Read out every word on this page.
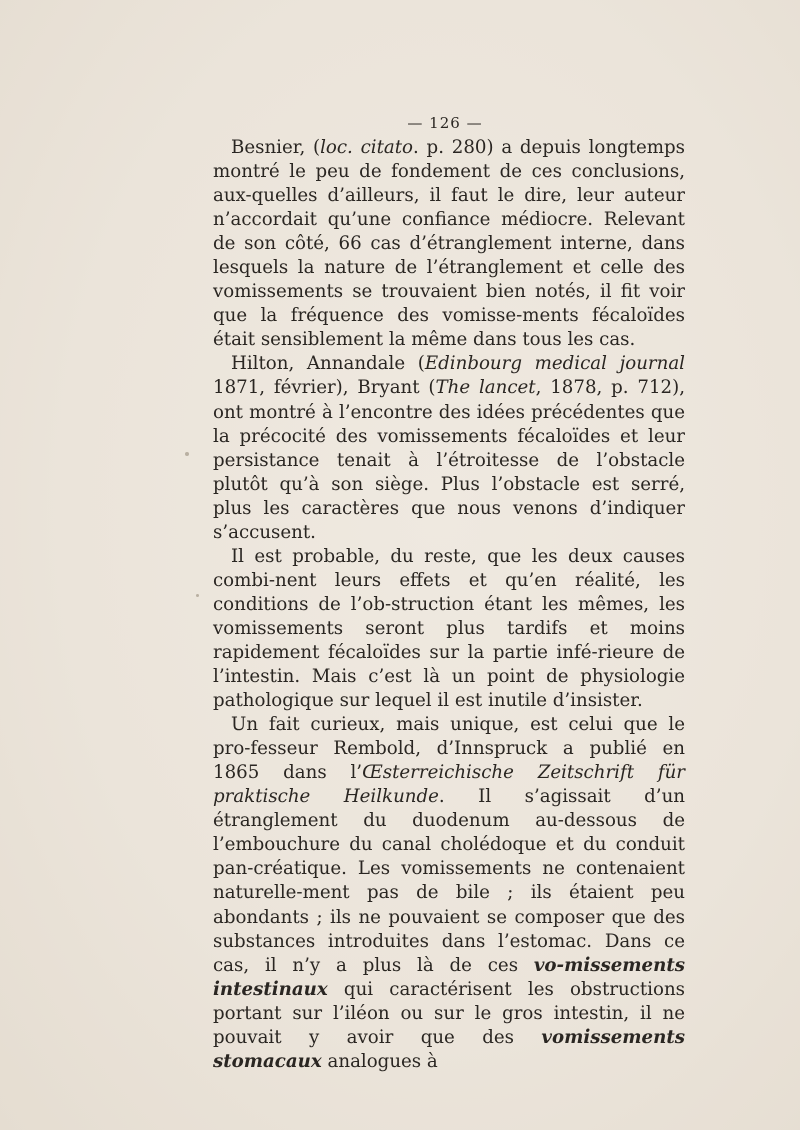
— 126 —

Besnier, (loc. citato. p. 280) a depuis longtemps montré le peu de fondement de ces conclusions, aux-quelles d’ailleurs, il faut le dire, leur auteur n’accordait qu’une confiance médiocre. Relevant de son côté, 66 cas d’étranglement interne, dans lesquels la nature de l’étranglement et celle des vomissements se trouvaient bien notés, il fit voir que la fréquence des vomisse-ments fécaloïdes était sensiblement la même dans tous les cas.

Hilton, Annandale (Edinbourg medical journal 1871, février), Bryant (The lancet, 1878, p. 712), ont montré à l’encontre des idées précédentes que la précocité des vomissements fécaloïdes et leur persistance tenait à l’étroitesse de l’obstacle plutôt qu’à son siège. Plus l’obstacle est serré, plus les caractères que nous venons d’indiquer s’accusent.

Il est probable, du reste, que les deux causes combi-nent leurs effets et qu’en réalité, les conditions de l’ob-struction étant les mêmes, les vomissements seront plus tardifs et moins rapidement fécaloïdes sur la partie infé-rieure de l’intestin. Mais c’est là un point de physiologie pathologique sur lequel il est inutile d’insister.

Un fait curieux, mais unique, est celui que le pro-fesseur Rembold, d’Innspruck a publié en 1865 dans l’Œsterreichische Zeitschrift für praktische Heilkunde. Il s’agissait d’un étranglement du duodenum au-dessous de l’embouchure du canal cholédoque et du conduit pan-créatique. Les vomissements ne contenaient naturelle-ment pas de bile ; ils étaient peu abondants ; ils ne pouvaient se composer que des substances introduites dans l’estomac. Dans ce cas, il n’y a plus là de ces vo-missements intestinaux qui caractérisent les obstructions portant sur l’iléon ou sur le gros intestin, il ne pouvait y avoir que des vomissements stomacaux analogues à
